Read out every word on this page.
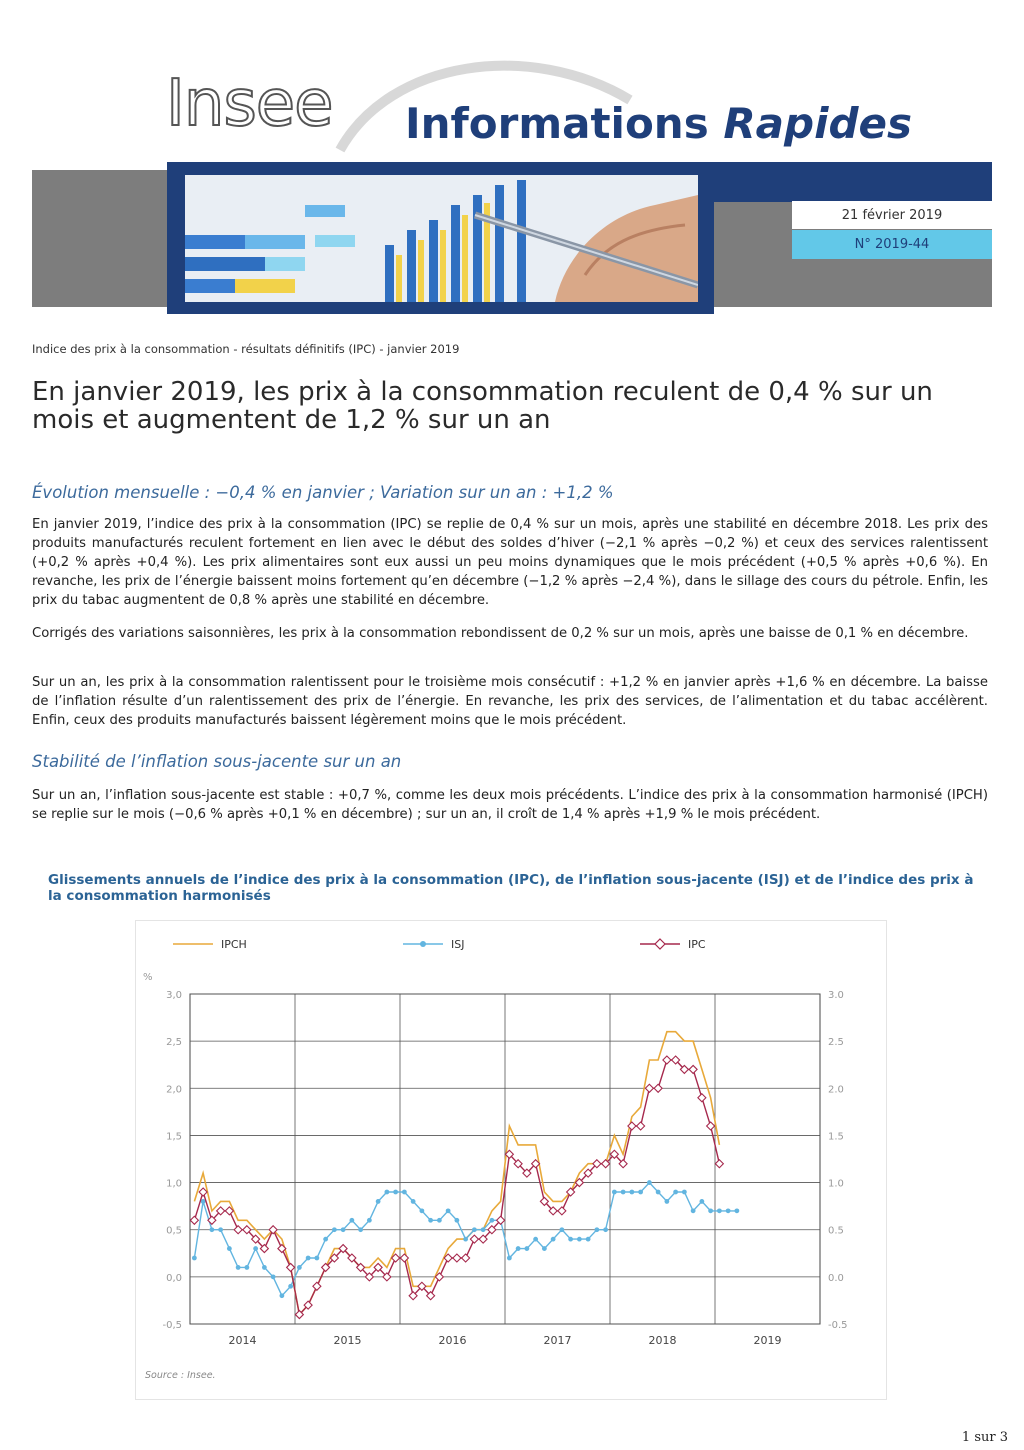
Insee Informations Rapides
21 février 2019
N° 2019-44
Indice des prix à la consommation - résultats définitifs (IPC) - janvier 2019
En janvier 2019, les prix à la consommation reculent de 0,4 % sur un mois et augmentent de 1,2 % sur un an
Évolution mensuelle : −0,4 % en janvier ; Variation sur un an : +1,2 %
En janvier 2019, l’indice des prix à la consommation (IPC) se replie de 0,4 % sur un mois, après une stabilité en décembre 2018. Les prix des produits manufacturés reculent fortement en lien avec le début des soldes d’hiver (−2,1 % après −0,2 %) et ceux des services ralentissent (+0,2 % après +0,4 %). Les prix alimentaires sont eux aussi un peu moins dynamiques que le mois précédent (+0,5 % après +0,6 %). En revanche, les prix de l’énergie baissent moins fortement qu’en décembre (−1,2 % après −2,4 %), dans le sillage des cours du pétrole. Enfin, les prix du tabac augmentent de 0,8 % après une stabilité en décembre.
Corrigés des variations saisonnières, les prix à la consommation rebondissent de 0,2 % sur un mois, après une baisse de 0,1 % en décembre.
Sur un an, les prix à la consommation ralentissent pour le troisième mois consécutif : +1,2 % en janvier après +1,6 % en décembre. La baisse de l’inflation résulte d’un ralentissement des prix de l’énergie. En revanche, les prix des services, de l’alimentation et du tabac accélèrent. Enfin, ceux des produits manufacturés baissent légèrement moins que le mois précédent.
Stabilité de l’inflation sous-jacente sur un an
Sur un an, l’inflation sous-jacente est stable : +0,7 %, comme les deux mois précédents. L’indice des prix à la consommation harmonisé (IPCH) se replie sur le mois (−0,6 % après +0,1 % en décembre) ; sur un an, il croît de 1,4 % après +1,9 % le mois précédent.
Glissements annuels de l’indice des prix à la consommation (IPC), de l’inflation sous-jacente (ISJ) et de l’indice des prix à la consommation harmonisés
3,0	3.0
2,5	2.5
2,0	2.0
1,5	1.5
1,0	1.0
0,5	0.5
0,0	0.0
-0,5	-0.5
2014	2015	2016	2017	2018	2019
%
IPCH	ISJ	IPC
Source : Insee.
1 sur 3
